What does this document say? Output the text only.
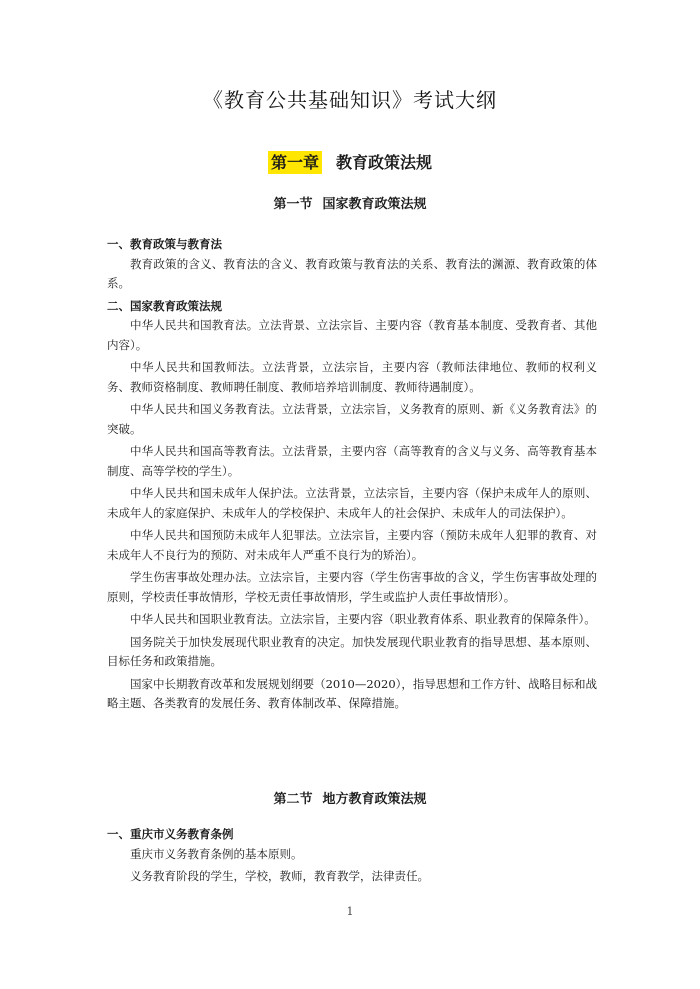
《教育公共基础知识》考试大纲
第一章 教育政策法规
第一节 国家教育政策法规
一、教育政策与教育法

教育政策的含义、教育法的含义、教育政策与教育法的关系、教育法的渊源、教育政策的体系。

二、国家教育政策法规

中华人民共和国教育法。立法背景、立法宗旨、主要内容（教育基本制度、受教育者、其他内容）。

中华人民共和国教师法。立法背景，立法宗旨，主要内容（教师法律地位、教师的权利义务、教师资格制度、教师聘任制度、教师培养培训制度、教师待遇制度）。

中华人民共和国义务教育法。立法背景，立法宗旨，义务教育的原则、新《义务教育法》的突破。

中华人民共和国高等教育法。立法背景，主要内容（高等教育的含义与义务、高等教育基本制度、高等学校的学生）。

中华人民共和国未成年人保护法。立法背景，立法宗旨，主要内容（保护未成年人的原则、未成年人的家庭保护、未成年人的学校保护、未成年人的社会保护、未成年人的司法保护）。

中华人民共和国预防未成年人犯罪法。立法宗旨，主要内容（预防未成年人犯罪的教育、对未成年人不良行为的预防、对未成年人严重不良行为的矫治）。

学生伤害事故处理办法。立法宗旨，主要内容（学生伤害事故的含义，学生伤害事故处理的原则，学校责任事故情形，学校无责任事故情形，学生或监护人责任事故情形）。

中华人民共和国职业教育法。立法宗旨，主要内容（职业教育体系、职业教育的保障条件）。

国务院关于加快发展现代职业教育的决定。加快发展现代职业教育的指导思想、基本原则、目标任务和政策措施。

国家中长期教育改革和发展规划纲要（2010—2020），指导思想和工作方针、战略目标和战略主题、各类教育的发展任务、教育体制改革、保障措施。

第二节 地方教育政策法规
一、重庆市义务教育条例

重庆市义务教育条例的基本原则。

义务教育阶段的学生，学校，教师，教育教学，法律责任。

1
